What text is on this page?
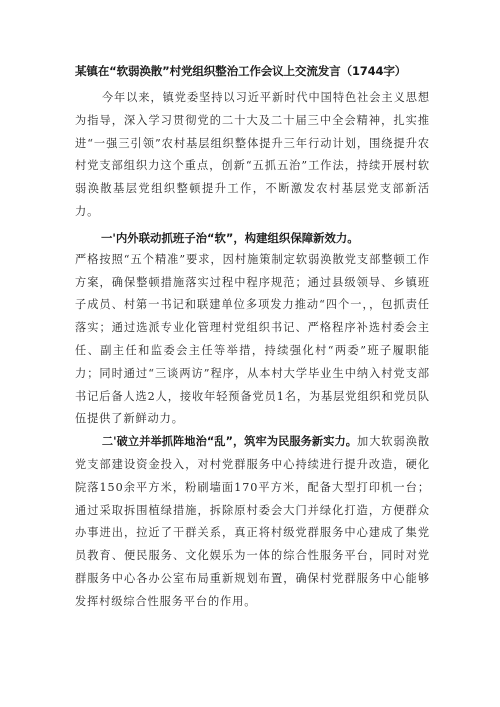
某镇在“软弱涣散”村党组织整治工作会议上交流发言（1744字）

今年以来，镇党委坚持以习近平新时代中国特色社会主义思想为指导，深入学习贯彻党的二十大及二十届三中全会精神，扎实推进“一强三引领”农村基层组织整体提升三年行动计划，围绕提升农村党支部组织力这个重点，创新“五抓五治”工作法，持续开展村软弱涣散基层党组织整顿提升工作，不断激发农村基层党支部新活力。

一'内外联动抓班子治“软”，构建组织保障新效力。

严格按照“五个精准”要求，因村施策制定软弱涣散党支部整顿工作方案，确保整顿措施落实过程中程序规范；通过县级领导、乡镇班子成员、村第一书记和联建单位多项发力推动“四个一，，包抓责任落实；通过选派专业化管理村党组织书记、严格程序补选村委会主任、副主任和监委会主任等举措，持续强化村“两委”班子履职能力；同时通过“三谈两访”程序，从本村大学毕业生中纳入村党支部书记后备人选2人，接收年轻预备党员1名，为基层党组织和党员队伍提供了新鲜动力。

二'破立并举抓阵地治“乱”，筑牢为民服务新实力。加大软弱涣散党支部建设资金投入，对村党群服务中心持续进行提升改造，硬化院落150余平方米，粉刷墙面170平方米，配备大型打印机一台；通过采取拆围植绿措施，拆除原村委会大门并绿化打造，方便群众办事进出，拉近了干群关系，真正将村级党群服务中心建成了集党员教育、便民服务、文化娱乐为一体的综合性服务平台，同时对党群服务中心各办公室布局重新规划布置，确保村党群服务中心能够发挥村级综合性服务平台的作用。
